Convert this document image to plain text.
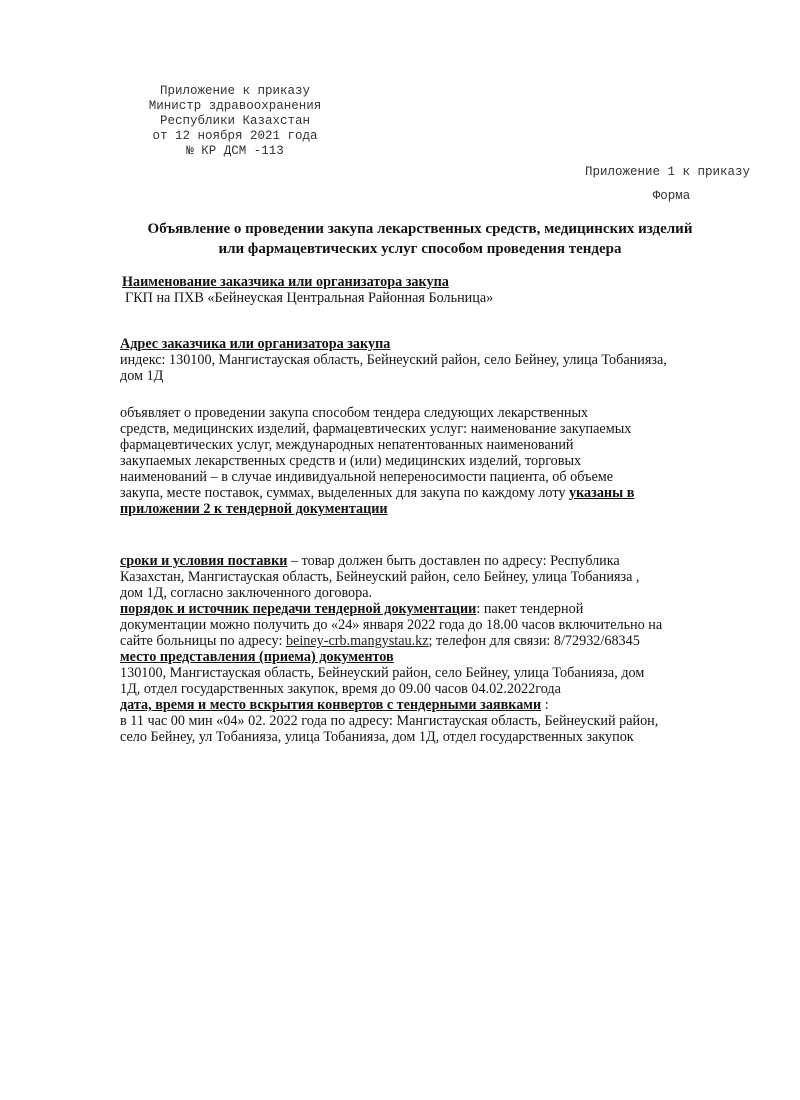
Приложение к приказу
Министр здравоохранения
Республики Казахстан
от 12 ноября 2021 года
№ КР ДСМ -113
Приложение 1 к приказу
Форма
Объявление о проведении закупа лекарственных средств, медицинских изделий
или фармацевтических услуг способом проведения тендера
Наименование заказчика или организатора закупа
ГКП на ПХВ «Бейнеуская Центральная Районная Больница»
Адрес заказчика или организатора закупа
индекс: 130100, Мангистауская область, Бейнеуский район, село Бейнеу, улица Тобанияза,
дом 1Д
объявляет о проведении закупа способом тендера следующих лекарственных
средств, медицинских изделий, фармацевтических услуг: наименование закупаемых
фармацевтических услуг, международных непатентованных наименований
закупаемых лекарственных средств и (или) медицинских изделий, торговых
наименований – в случае индивидуальной непереносимости пациента, об объеме
закупа, месте поставок, суммах, выделенных для закупа по каждому лоту указаны в
приложении 2 к тендерной документации
сроки и условия поставки – товар должен быть доставлен по адресу: Республика
Казахстан, Мангистауская область, Бейнеуский район, село Бейнеу, улица Тобанияза ,
дом 1Д, согласно заключенного договора.
порядок и источник передачи тендерной документации: пакет тендерной
документации можно получить до «24» января 2022 года до 18.00 часов включительно на
сайте больницы по адресу: beiney-crb.mangystau.kz; телефон для связи: 8/72932/68345
место представления (приема) документов
130100, Мангистауская область, Бейнеуский район, село Бейнеу, улица Тобанияза, дом
1Д, отдел государственных закупок, время до 09.00 часов 04.02.2022года
дата, время и место вскрытия конвертов с тендерными заявками :
в 11 час 00 мин «04» 02. 2022 года по адресу: Мангистауская область, Бейнеуский район,
село Бейнеу, ул Тобанияза, улица Тобанияза, дом 1Д, отдел государственных закупок
